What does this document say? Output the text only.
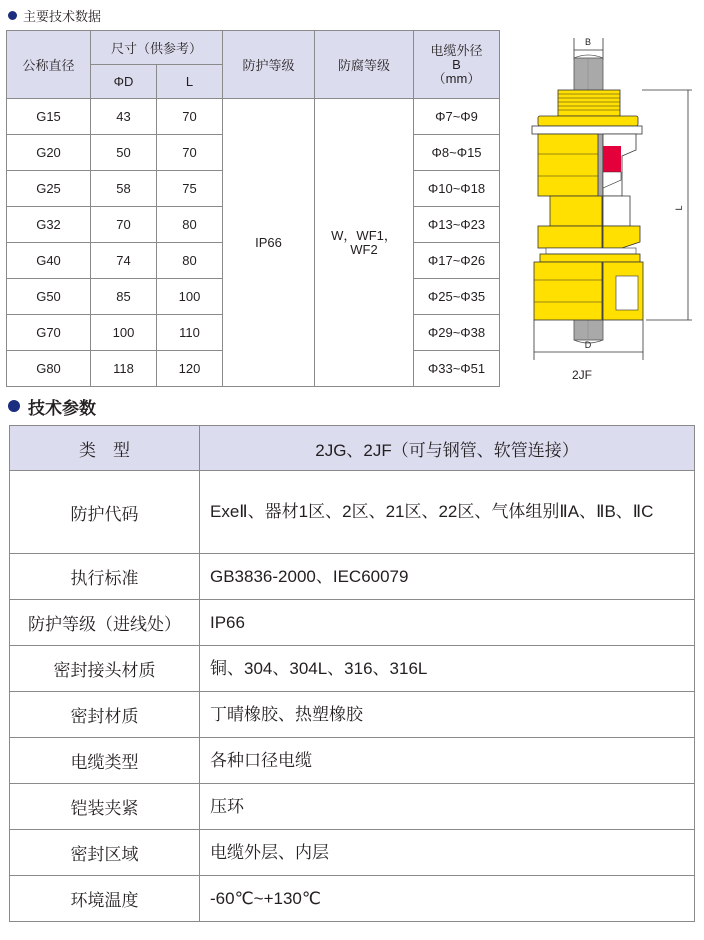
主要技术数据
公称直径	尺寸（供参考）		防护等级	防腐等级	电缆外径
B
（mm）

	ΦD	L			
G15	43	70	IP66	W，WF1，
WF2	Φ7~Φ9
G20	50	70			Φ8~Φ15
G25	58	75			Φ10~Φ18
G32	70	80			Φ13~Φ23
G40	74	80			Φ17~Φ26
G50	85	100			Φ25~Φ35
G70	100	110			Φ29~Φ38
G80	118	120			Φ33~Φ51
B
L
D
2JF
技术参数
类　型	2JG、2JF（可与钢管、软管连接）
防护代码	ExeⅡ、器材1区、2区、21区、22区、气体组别ⅡA、ⅡB、ⅡC
执行标准	GB3836-2000、IEC60079
防护等级（进线处）	IP66
密封接头材质	铜、304、304L、316、316L
密封材质	丁晴橡胶、热塑橡胶
电缆类型	各种口径电缆
铠装夹紧	压环
密封区域	电缆外层、内层
环境温度	-60℃~+130℃
